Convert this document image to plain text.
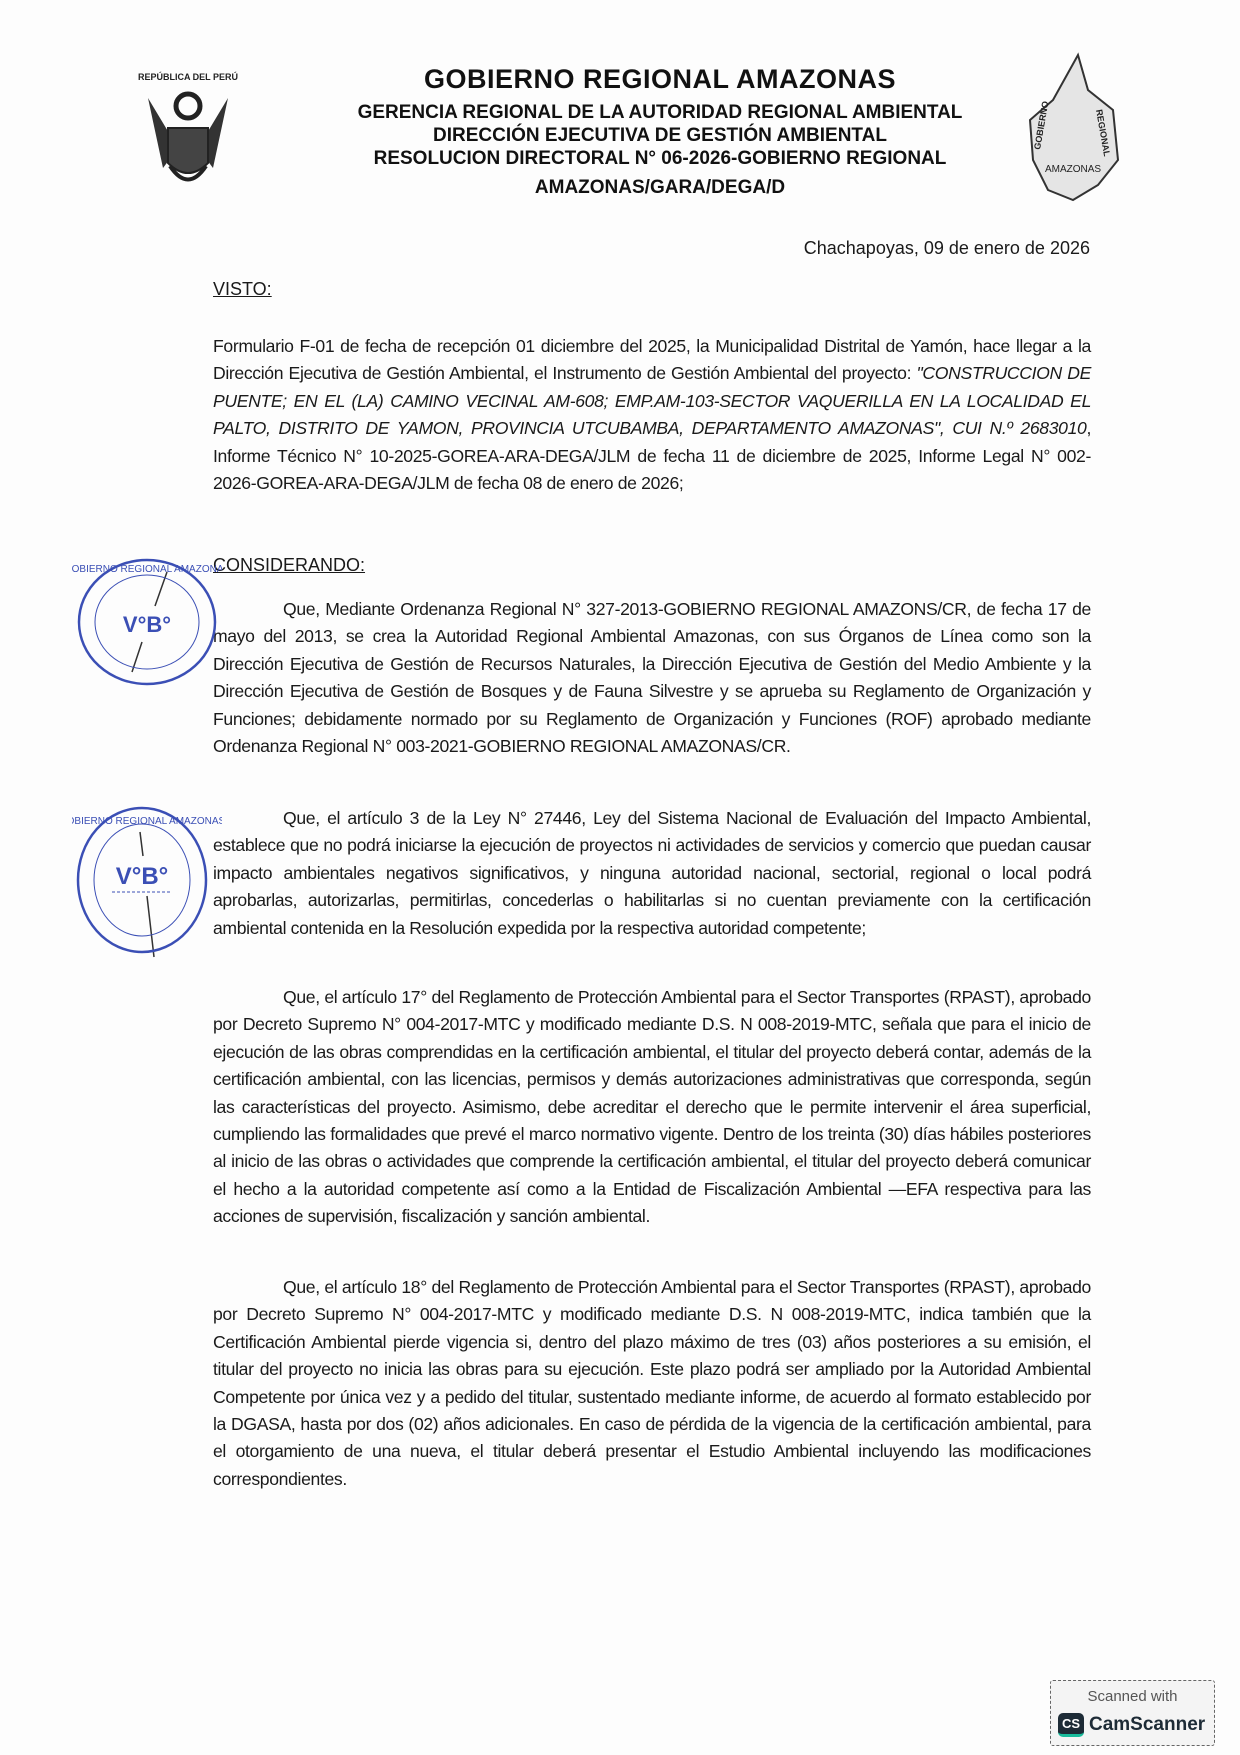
REPÚBLICA DEL PERÚ
GOBIERNO	REGIONAL
AMAZONAS
GOBIERNO REGIONAL AMAZONAS
GERENCIA REGIONAL DE LA AUTORIDAD REGIONAL AMBIENTAL
DIRECCIÓN EJECUTIVA DE GESTIÓN AMBIENTAL
RESOLUCION DIRECTORAL N° 06-2026-GOBIERNO REGIONAL
AMAZONAS/GARA/DEGA/D
Chachapoyas, 09 de enero de 2026
VISTO:
Formulario F-01 de fecha de recepción 01 diciembre del 2025, la Municipalidad Distrital de Yamón, hace llegar a la Dirección Ejecutiva de Gestión Ambiental, el Instrumento de Gestión Ambiental del proyecto: "CONSTRUCCION DE PUENTE; EN EL (LA) CAMINO VECINAL AM-608; EMP.AM-103-SECTOR VAQUERILLA EN LA LOCALIDAD EL PALTO, DISTRITO DE YAMON, PROVINCIA UTCUBAMBA, DEPARTAMENTO AMAZONAS", CUI N.º 2683010, Informe Técnico N° 10-2025-GOREA-ARA-DEGA/JLM de fecha 11 de diciembre de 2025, Informe Legal N° 002-2026-GOREA-ARA-DEGA/JLM de fecha 08 de enero de 2026;
CONSIDERANDO:
Que, Mediante Ordenanza Regional N° 327-2013-GOBIERNO REGIONAL AMAZONS/CR, de fecha 17 de mayo del 2013, se crea la Autoridad Regional Ambiental Amazonas, con sus Órganos de Línea como son la Dirección Ejecutiva de Gestión de Recursos Naturales, la Dirección Ejecutiva de Gestión del Medio Ambiente y la Dirección Ejecutiva de Gestión de Bosques y de Fauna Silvestre y se aprueba su Reglamento de Organización y Funciones; debidamente normado por su Reglamento de Organización y Funciones (ROF) aprobado mediante Ordenanza Regional N° 003-2021-GOBIERNO REGIONAL AMAZONAS/CR.
Que, el artículo 3 de la Ley N° 27446, Ley del Sistema Nacional de Evaluación del Impacto Ambiental, establece que no podrá iniciarse la ejecución de proyectos ni actividades de servicios y comercio que puedan causar impacto ambientales negativos significativos, y ninguna autoridad nacional, sectorial, regional o local podrá aprobarlas, autorizarlas, permitirlas, concederlas o habilitarlas si no cuentan previamente con la certificación ambiental contenida en la Resolución expedida por la respectiva autoridad competente;
Que, el artículo 17° del Reglamento de Protección Ambiental para el Sector Transportes (RPAST), aprobado por Decreto Supremo N° 004-2017-MTC y modificado mediante D.S. N 008-2019-MTC, señala que para el inicio de ejecución de las obras comprendidas en la certificación ambiental, el titular del proyecto deberá contar, además de la certificación ambiental, con las licencias, permisos y demás autorizaciones administrativas que corresponda, según las características del proyecto. Asimismo, debe acreditar el derecho que le permite intervenir el área superficial, cumpliendo las formalidades que prevé el marco normativo vigente. Dentro de los treinta (30) días hábiles posteriores al inicio de las obras o actividades que comprende la certificación ambiental, el titular del proyecto deberá comunicar el hecho a la autoridad competente así como a la Entidad de Fiscalización Ambiental —EFA respectiva para las acciones de supervisión, fiscalización y sanción ambiental.
Que, el artículo 18° del Reglamento de Protección Ambiental para el Sector Transportes (RPAST), aprobado por Decreto Supremo N° 004-2017-MTC y modificado mediante D.S. N 008-2019-MTC, indica también que la Certificación Ambiental pierde vigencia si, dentro del plazo máximo de tres (03) años posteriores a su emisión, el titular del proyecto no inicia las obras para su ejecución. Este plazo podrá ser ampliado por la Autoridad Ambiental Competente por única vez y a pedido del titular, sustentado mediante informe, de acuerdo al formato establecido por la DGASA, hasta por dos (02) años adicionales. En caso de pérdida de la vigencia de la certificación ambiental, para el otorgamiento de una nueva, el titular deberá presentar el Estudio Ambiental incluyendo las modificaciones correspondientes.
GOBIERNO REGIONAL AMAZONAS
V°B°
GOBIERNO REGIONAL AMAZONAS
V°B°
Scanned with
CS CamScanner
